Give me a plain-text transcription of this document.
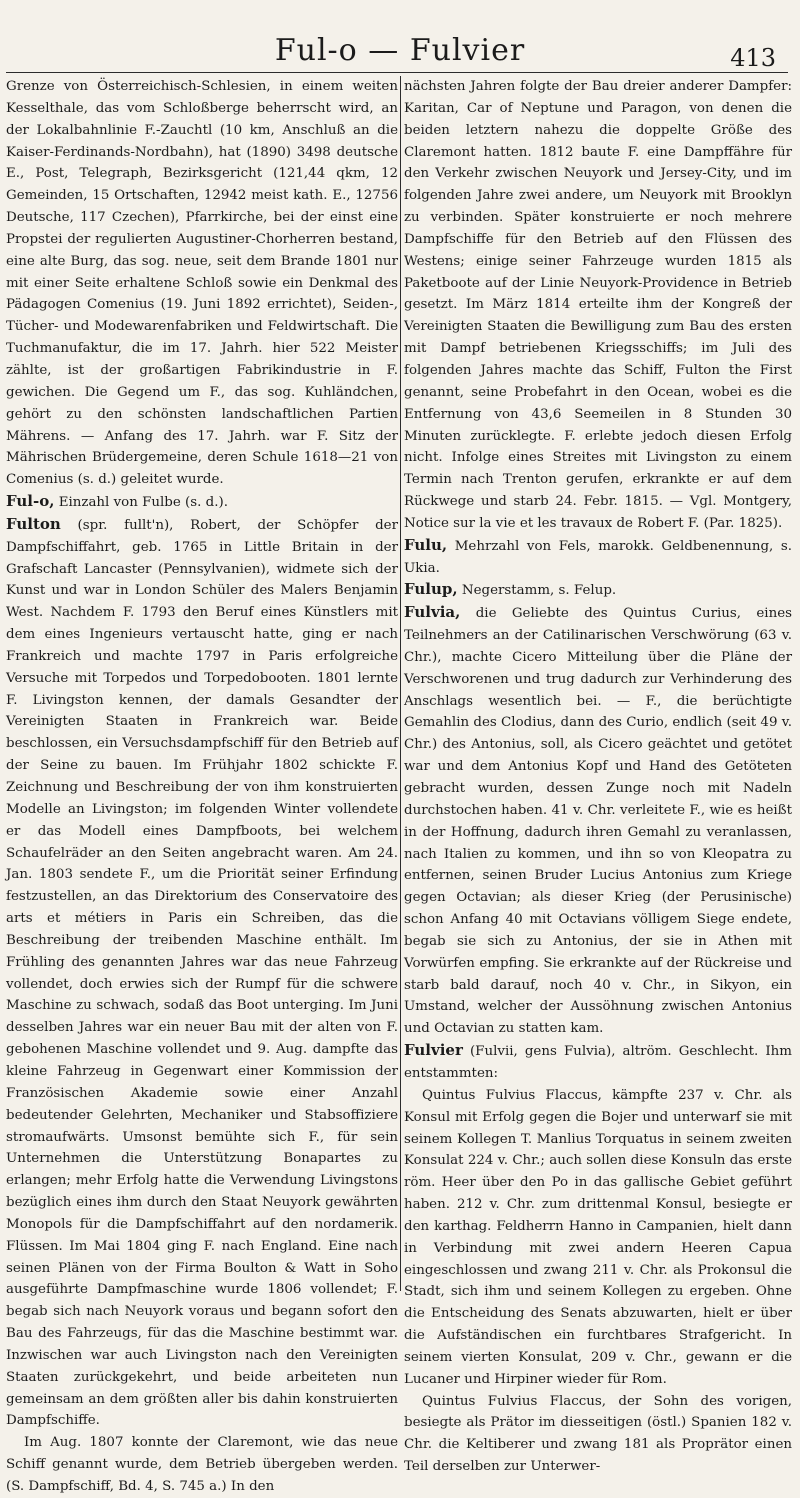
Ful-o — Fulvier	413

Grenze von Österreichisch-Schlesien, in einem weiten Kesselthale, das vom Schloßberge beherrscht wird, an der Lokalbahnlinie F.-Zauchtl (10 km, Anschluß an die Kaiser-Ferdinands-Nordbahn), hat (1890) 3498 deutsche E., Post, Telegraph, Bezirksgericht (121,44 qkm, 12 Gemeinden, 15 Ortschaften, 12942 meist kath. E., 12756 Deutsche, 117 Czechen), Pfarrkirche, bei der einst eine Propstei der regulierten Augustiner-Chorherren bestand, eine alte Burg, das sog. neue, seit dem Brande 1801 nur mit einer Seite erhaltene Schloß sowie ein Denkmal des Pädagogen Comenius (19. Juni 1892 errichtet), Seiden-, Tücher- und Modewarenfabriken und Feldwirtschaft. Die Tuchmanufaktur, die im 17. Jahrh. hier 522 Meister zählte, ist der großartigen Fabrikindustrie in F. gewichen. Die Gegend um F., das sog. Kuhländchen, gehört zu den schönsten landschaftlichen Partien Mährens. — Anfang des 17. Jahrh. war F. Sitz der Mährischen Brüdergemeine, deren Schule 1618—21 von Comenius (s. d.) geleitet wurde.

Ful-o, Einzahl von Fulbe (s. d.).

Fulton (spr. fullt'n), Robert, der Schöpfer der Dampfschiffahrt, geb. 1765 in Little Britain in der Grafschaft Lancaster (Pennsylvanien), widmete sich der Kunst und war in London Schüler des Malers Benjamin West. Nachdem F. 1793 den Beruf eines Künstlers mit dem eines Ingenieurs vertauscht hatte, ging er nach Frankreich und machte 1797 in Paris erfolgreiche Versuche mit Torpedos und Torpedobooten. 1801 lernte F. Livingston kennen, der damals Gesandter der Vereinigten Staaten in Frankreich war. Beide beschlossen, ein Versuchsdampfschiff für den Betrieb auf der Seine zu bauen. Im Frühjahr 1802 schickte F. Zeichnung und Beschreibung der von ihm konstruierten Modelle an Livingston; im folgenden Winter vollendete er das Modell eines Dampfboots, bei welchem Schaufelräder an den Seiten angebracht waren. Am 24. Jan. 1803 sendete F., um die Priorität seiner Erfindung festzustellen, an das Direktorium des Conservatoire des arts et métiers in Paris ein Schreiben, das die Beschreibung der treibenden Maschine enthält. Im Frühling des genannten Jahres war das neue Fahrzeug vollendet, doch erwies sich der Rumpf für die schwere Maschine zu schwach, sodaß das Boot unterging. Im Juni desselben Jahres war ein neuer Bau mit der alten von F. gebohenen Maschine vollendet und 9. Aug. dampfte das kleine Fahrzeug in Gegenwart einer Kommission der Französischen Akademie sowie einer Anzahl bedeutender Gelehrten, Mechaniker und Stabsoffiziere stromaufwärts. Umsonst bemühte sich F., für sein Unternehmen die Unterstützung Bonapartes zu erlangen; mehr Erfolg hatte die Verwendung Livingstons bezüglich eines ihm durch den Staat Neuyork gewährten Monopols für die Dampfschiffahrt auf den nordamerik. Flüssen. Im Mai 1804 ging F. nach England. Eine nach seinen Plänen von der Firma Boulton & Watt in Soho ausgeführte Dampfmaschine wurde 1806 vollendet; F. begab sich nach Neuyork voraus und begann sofort den Bau des Fahrzeugs, für das die Maschine bestimmt war. Inzwischen war auch Livingston nach den Vereinigten Staaten zurückgekehrt, und beide arbeiteten nun gemeinsam an dem größten aller bis dahin konstruierten Dampfschiffe.

Im Aug. 1807 konnte der Claremont, wie das neue Schiff genannt wurde, dem Betrieb übergeben werden. (S. Dampfschiff, Bd. 4, S. 745 a.) In den

nächsten Jahren folgte der Bau dreier anderer Dampfer: Karitan, Car of Neptune und Paragon, von denen die beiden letztern nahezu die doppelte Größe des Claremont hatten. 1812 baute F. eine Dampffähre für den Verkehr zwischen Neuyork und Jersey-City, und im folgenden Jahre zwei andere, um Neuyork mit Brooklyn zu verbinden. Später konstruierte er noch mehrere Dampfschiffe für den Betrieb auf den Flüssen des Westens; einige seiner Fahrzeuge wurden 1815 als Paketboote auf der Linie Neuyork-Providence in Betrieb gesetzt. Im März 1814 erteilte ihm der Kongreß der Vereinigten Staaten die Bewilligung zum Bau des ersten mit Dampf betriebenen Kriegsschiffs; im Juli des folgenden Jahres machte das Schiff, Fulton the First genannt, seine Probefahrt in den Ocean, wobei es die Entfernung von 43,6 Seemeilen in 8 Stunden 30 Minuten zurücklegte. F. erlebte jedoch diesen Erfolg nicht. Infolge eines Streites mit Livingston zu einem Termin nach Trenton gerufen, erkrankte er auf dem Rückwege und starb 24. Febr. 1815. — Vgl. Montgery, Notice sur la vie et les travaux de Robert F. (Par. 1825).

Fulu, Mehrzahl von Fels, marokk. Geldbenennung, s. Ukia.

Fulup, Negerstamm, s. Felup.

Fulvia, die Geliebte des Quintus Curius, eines Teilnehmers an der Catilinarischen Verschwörung (63 v. Chr.), machte Cicero Mitteilung über die Pläne der Verschworenen und trug dadurch zur Verhinderung des Anschlags wesentlich bei. — F., die berüchtigte Gemahlin des Clodius, dann des Curio, endlich (seit 49 v. Chr.) des Antonius, soll, als Cicero geächtet und getötet war und dem Antonius Kopf und Hand des Getöteten gebracht wurden, dessen Zunge noch mit Nadeln durchstochen haben. 41 v. Chr. verleitete F., wie es heißt in der Hoffnung, dadurch ihren Gemahl zu veranlassen, nach Italien zu kommen, und ihn so von Kleopatra zu entfernen, seinen Bruder Lucius Antonius zum Kriege gegen Octavian; als dieser Krieg (der Perusinische) schon Anfang 40 mit Octavians völligem Siege endete, begab sie sich zu Antonius, der sie in Athen mit Vorwürfen empfing. Sie erkrankte auf der Rückreise und starb bald darauf, noch 40 v. Chr., in Sikyon, ein Umstand, welcher der Aussöhnung zwischen Antonius und Octavian zu statten kam.

Fulvier (Fulvii, gens Fulvia), altröm. Geschlecht. Ihm entstammten:

Quintus Fulvius Flaccus, kämpfte 237 v. Chr. als Konsul mit Erfolg gegen die Bojer und unterwarf sie mit seinem Kollegen T. Manlius Torquatus in seinem zweiten Konsulat 224 v. Chr.; auch sollen diese Konsuln das erste röm. Heer über den Po in das gallische Gebiet geführt haben. 212 v. Chr. zum drittenmal Konsul, besiegte er den karthag. Feldherrn Hanno in Campanien, hielt dann in Verbindung mit zwei andern Heeren Capua eingeschlossen und zwang 211 v. Chr. als Prokonsul die Stadt, sich ihm und seinem Kollegen zu ergeben. Ohne die Entscheidung des Senats abzuwarten, hielt er über die Aufständischen ein furchtbares Strafgericht. In seinem vierten Konsulat, 209 v. Chr., gewann er die Lucaner und Hirpiner wieder für Rom.

Quintus Fulvius Flaccus, der Sohn des vorigen, besiegte als Prätor im diesseitigen (östl.) Spanien 182 v. Chr. die Keltiberer und zwang 181 als Proprätor einen Teil derselben zur Unterwer-
